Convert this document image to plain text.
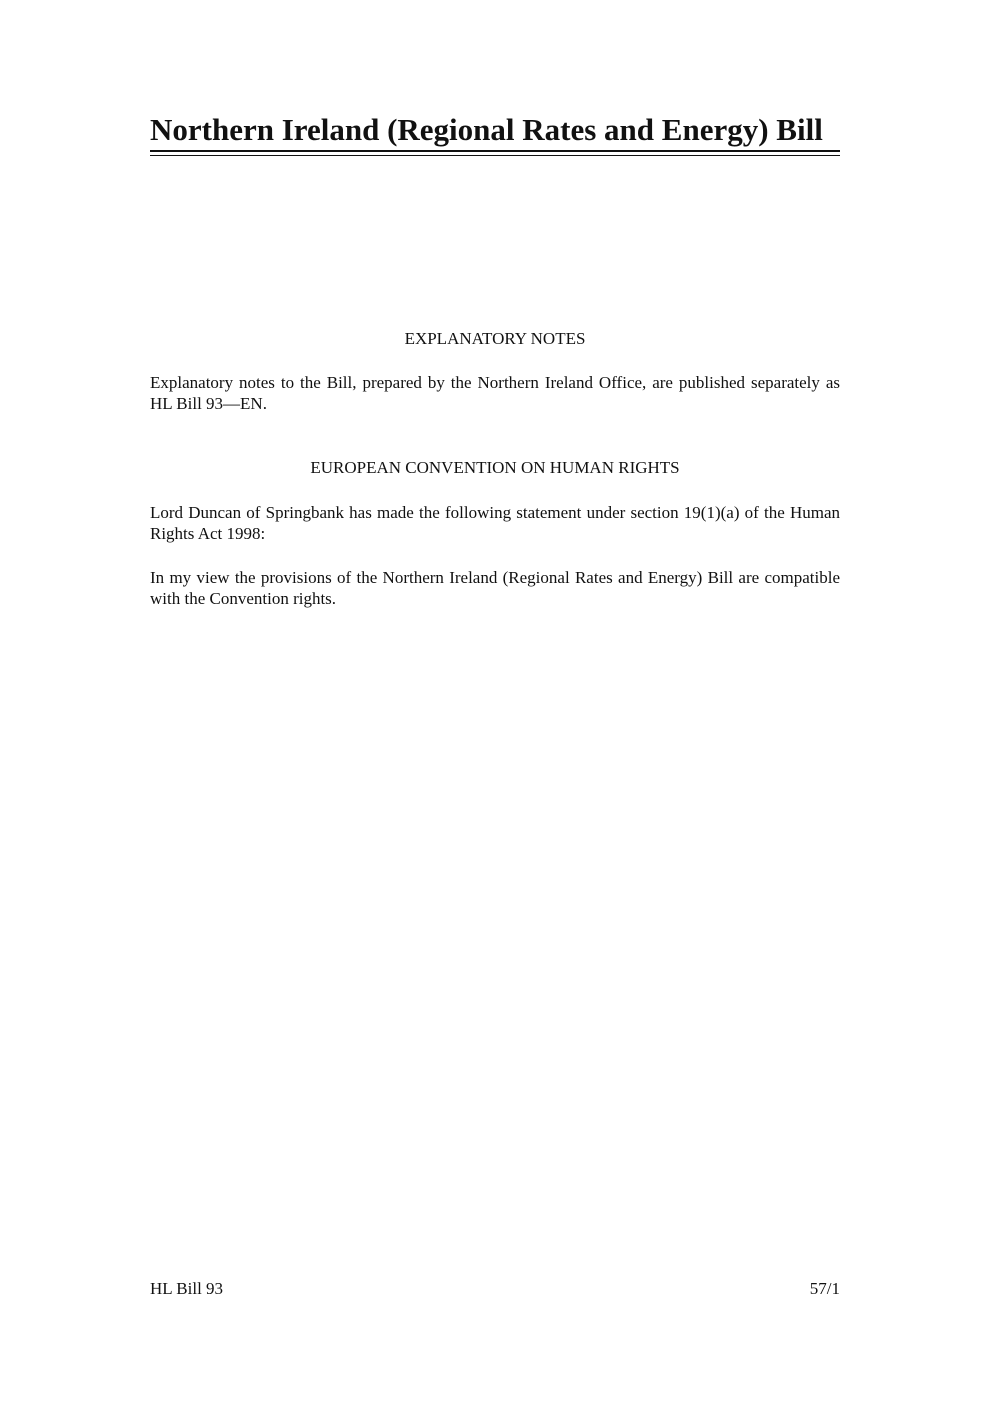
Northern Ireland (Regional Rates and Energy) Bill
EXPLANATORY NOTES

Explanatory notes to the Bill, prepared by the Northern Ireland Office, are published separately as HL Bill 93—EN.

EUROPEAN CONVENTION ON HUMAN RIGHTS

Lord Duncan of Springbank has made the following statement under section 19(1)(a) of the Human Rights Act 1998:

In my view the provisions of the Northern Ireland (Regional Rates and Energy) Bill are compatible with the Convention rights.

HL Bill 93	57/1
